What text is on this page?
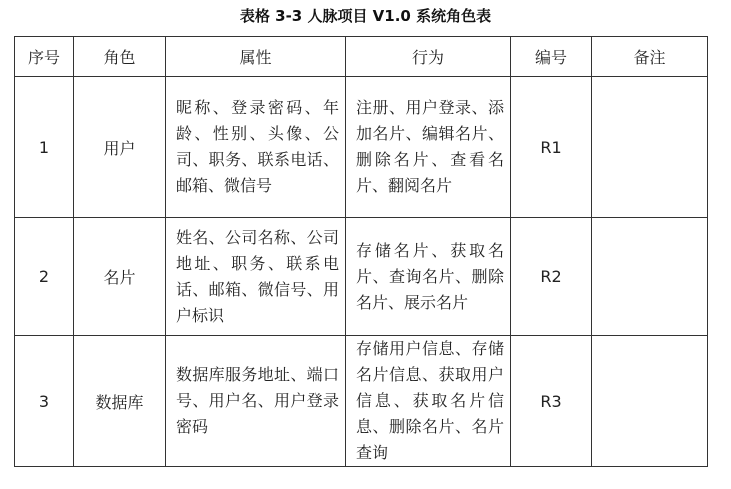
表格 3-3 人脉项目 V1.0 系统角色表
序号	角色	属性	行为	编号	备注
1	用户	昵称、登录密码、年龄、性别、头像、公司、职务、联系电话、邮箱、微信号	注册、用户登录、添加名片、编辑名片、删除名片、查看名片、翻阅名片	R1	
2	名片	姓名、公司名称、公司地址、职务、联系电话、邮箱、微信号、用户标识	存储名片、获取名片、查询名片、删除名片、展示名片	R2	
3	数据库	数据库服务地址、端口号、用户名、用户登录密码	存储用户信息、存储名片信息、获取用户信息、获取名片信息、删除名片、名片查询	R3	
